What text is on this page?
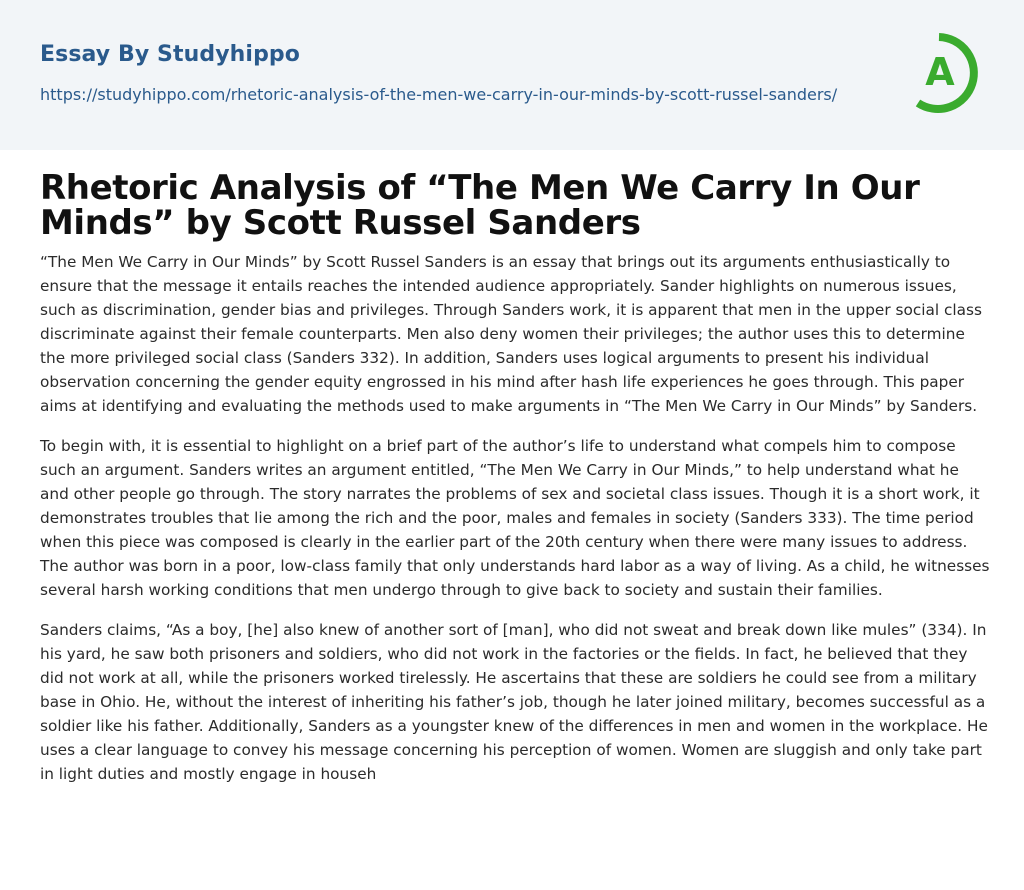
Essay By Studyhippo
https://studyhippo.com/rhetoric-analysis-of-the-men-we-carry-in-our-minds-by-scott-russel-sanders/
A
Rhetoric Analysis of “The Men We Carry In Our Minds” by Scott Russel Sanders

“The Men We Carry in Our Minds” by Scott Russel Sanders is an essay that brings out its arguments enthusiastically to ensure that the message it entails reaches the intended audience appropriately. Sander highlights on numerous issues, such as discrimination, gender bias and privileges. Through Sanders work, it is apparent that men in the upper social class discriminate against their female counterparts. Men also deny women their privileges; the author uses this to determine the more privileged social class (Sanders 332). In addition, Sanders uses logical arguments to present his individual observation concerning the gender equity engrossed in his mind after hash life experiences he goes through. This paper aims at identifying and evaluating the methods used to make arguments in “The Men We Carry in Our Minds” by Sanders.

To begin with, it is essential to highlight on a brief part of the author’s life to understand what compels him to compose such an argument. Sanders writes an argument entitled, “The Men We Carry in Our Minds,” to help understand what he and other people go through. The story narrates the problems of sex and societal class issues. Though it is a short work, it demonstrates troubles that lie among the rich and the poor, males and females in society (Sanders 333). The time period when this piece was composed is clearly in the earlier part of the 20th century when there were many issues to address. The author was born in a poor, low-class family that only understands hard labor as a way of living. As a child, he witnesses several harsh working conditions that men undergo through to give back to society and sustain their families.

Sanders claims, “As a boy, [he] also knew of another sort of [man], who did not sweat and break down like mules” (334). In his yard, he saw both prisoners and soldiers, who did not work in the factories or the fields. In fact, he believed that they did not work at all, while the prisoners worked tirelessly. He ascertains that these are soldiers he could see from a military base in Ohio. He, without the interest of inheriting his father’s job, though he later joined military, becomes successful as a soldier like his father. Additionally, Sanders as a youngster knew of the differences in men and women in the workplace. He uses a clear language to convey his message concerning his perception of women. Women are sluggish and only take part in light duties and mostly engage in househ
